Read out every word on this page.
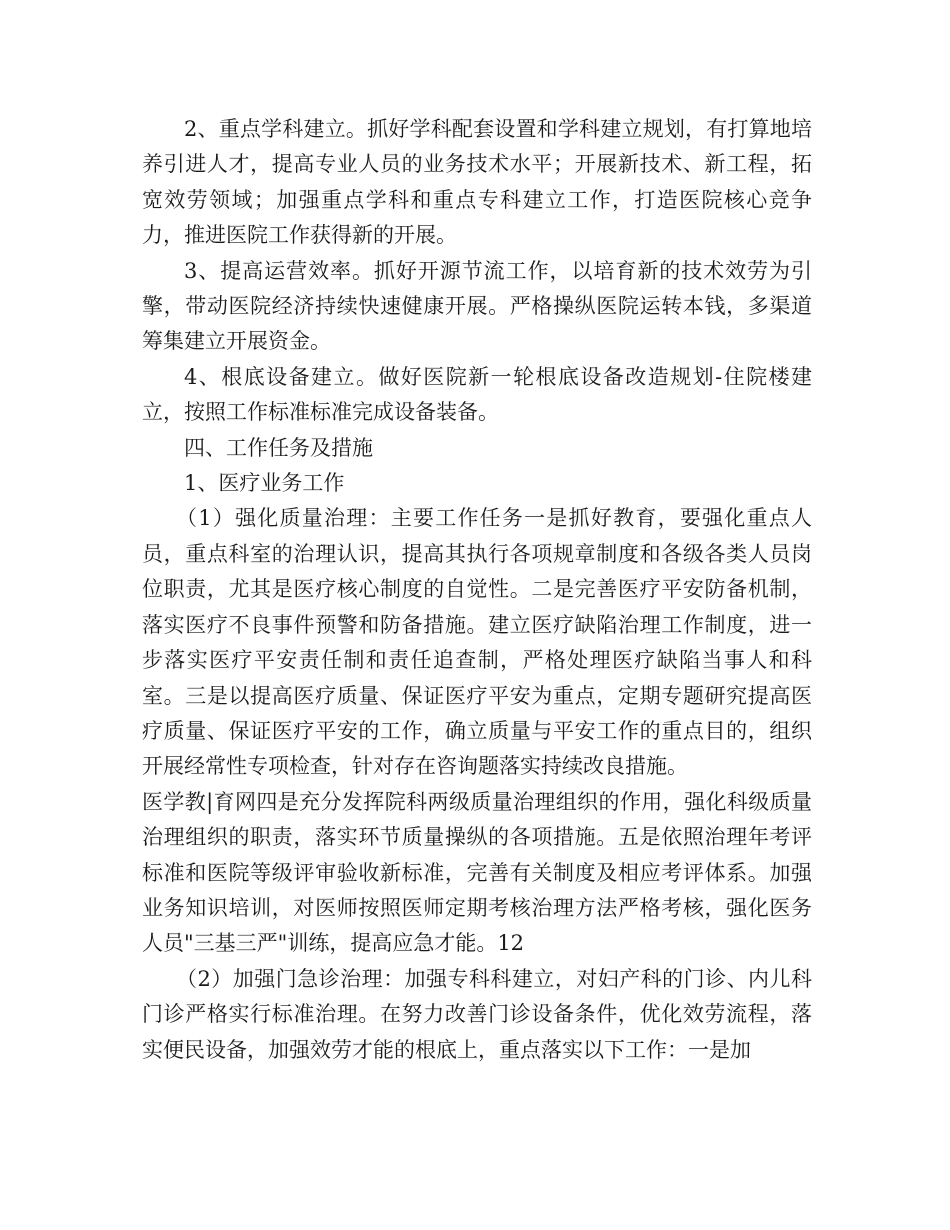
2、重点学科建立。抓好学科配套设置和学科建立规划，有打算地培养引进人才，提高专业人员的业务技术水平；开展新技术、新工程，拓宽效劳领域；加强重点学科和重点专科建立工作，打造医院核心竞争力，推进医院工作获得新的开展。

3、提高运营效率。抓好开源节流工作，以培育新的技术效劳为引擎，带动医院经济持续快速健康开展。严格操纵医院运转本钱，多渠道筹集建立开展资金。

4、根底设备建立。做好医院新一轮根底设备改造规划-住院楼建立，按照工作标准标准完成设备装备。

四、工作任务及措施

1、医疗业务工作

（1）强化质量治理：主要工作任务一是抓好教育，要强化重点人员，重点科室的治理认识，提高其执行各项规章制度和各级各类人员岗位职责，尤其是医疗核心制度的自觉性。二是完善医疗平安防备机制，落实医疗不良事件预警和防备措施。建立医疗缺陷治理工作制度，进一步落实医疗平安责任制和责任追查制，严格处理医疗缺陷当事人和科室。三是以提高医疗质量、保证医疗平安为重点，定期专题研究提高医疗质量、保证医疗平安的工作，确立质量与平安工作的重点目的，组织开展经常性专项检查，针对存在咨询题落实持续改良措施。

医学教|育网四是充分发挥院科两级质量治理组织的作用，强化科级质量治理组织的职责，落实环节质量操纵的各项措施。五是依照治理年考评标准和医院等级评审验收新标准，完善有关制度及相应考评体系。加强业务知识培训，对医师按照医师定期考核治理方法严格考核，强化医务人员"三基三严"训练，提高应急才能。12

（2）加强门急诊治理：加强专科科建立，对妇产科的门诊、内儿科门诊严格实行标准治理。在努力改善门诊设备条件，优化效劳流程，落实便民设备，加强效劳才能的根底上，重点落实以下工作：一是加
